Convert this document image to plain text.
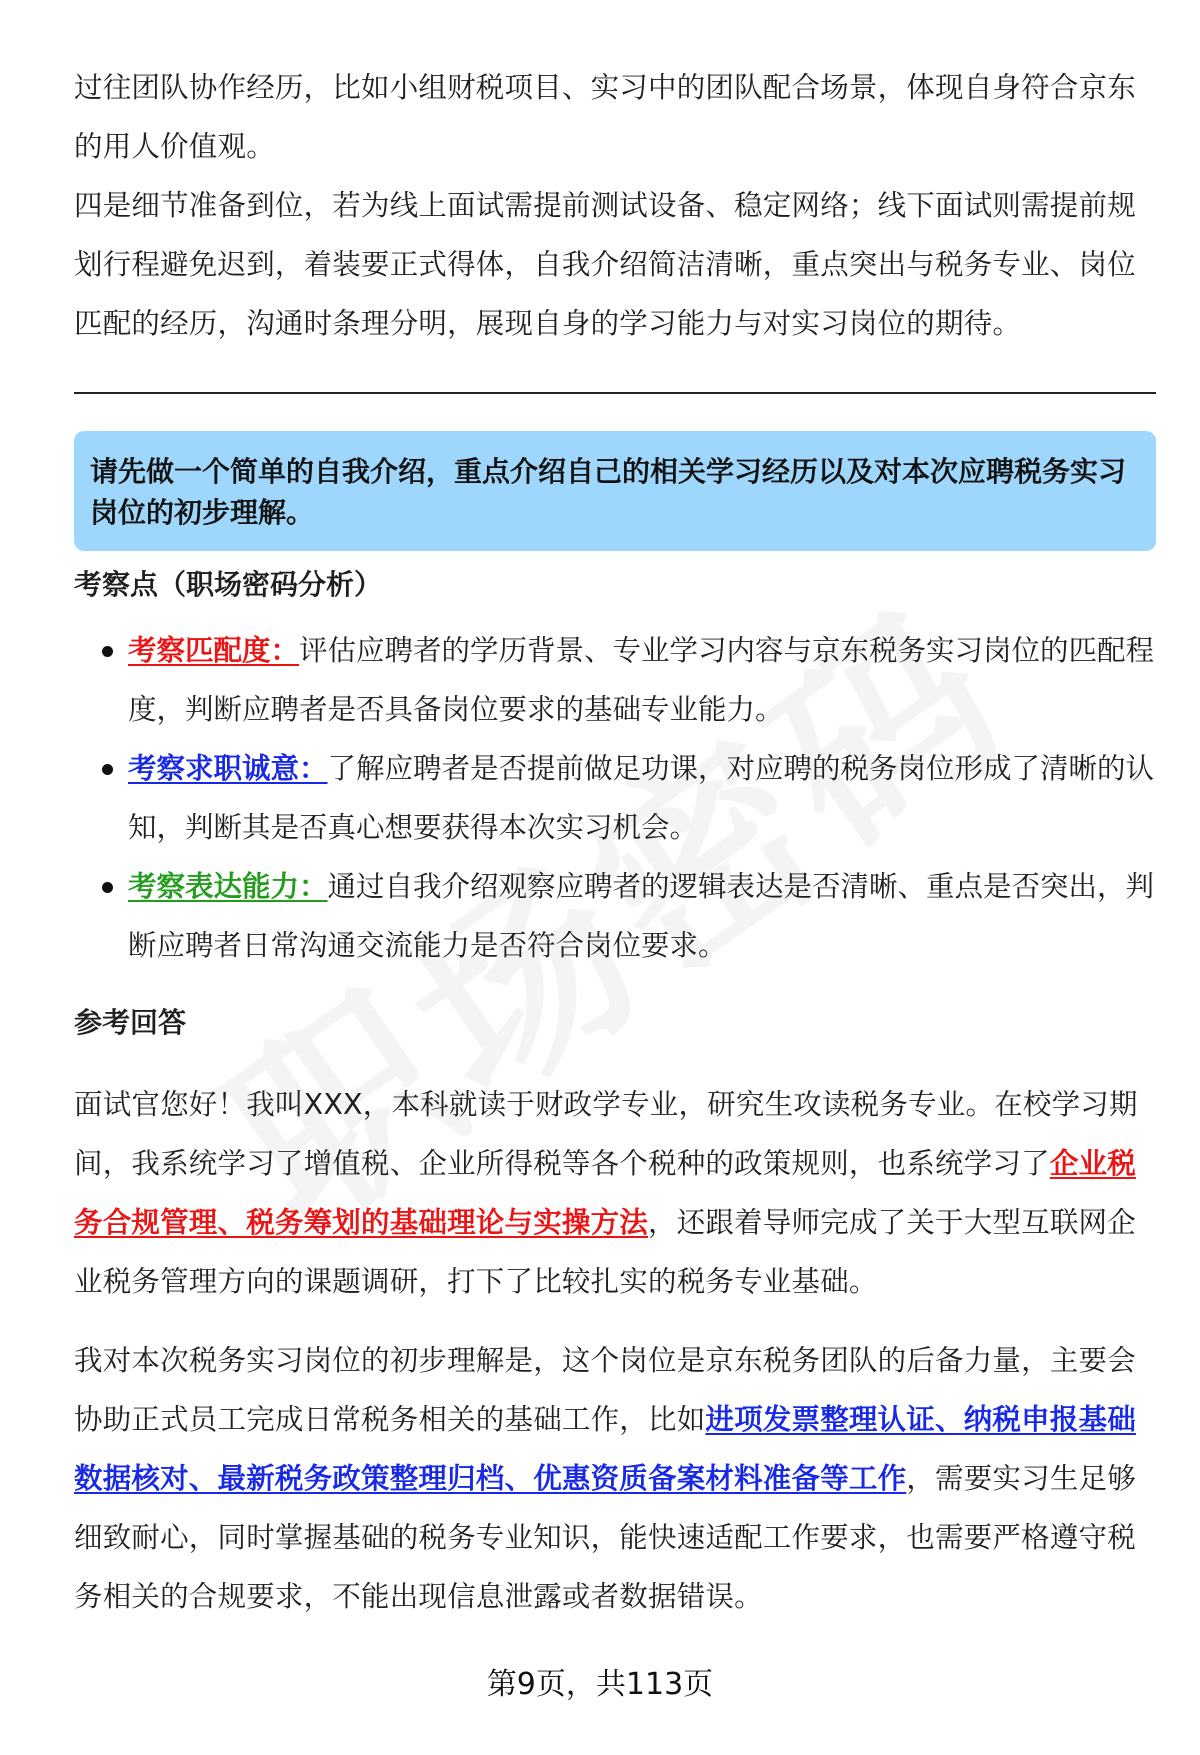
过往团队协作经历，比如小组财税项目、实习中的团队配合场景，体现自身符合京东的用人价值观。

四是细节准备到位，若为线上面试需提前测试设备、稳定网络；线下面试则需提前规划行程避免迟到，着装要正式得体，自我介绍简洁清晰，重点突出与税务专业、岗位匹配的经历，沟通时条理分明，展现自身的学习能力与对实习岗位的期待。

请先做一个简单的自我介绍，重点介绍自己的相关学习经历以及对本次应聘税务实习岗位的初步理解。
考察点（职场密码分析）
考察匹配度：评估应聘者的学历背景、专业学习内容与京东税务实习岗位的匹配程度，判断应聘者是否具备岗位要求的基础专业能力。
考察求职诚意：了解应聘者是否提前做足功课，对应聘的税务岗位形成了清晰的认知，判断其是否真心想要获得本次实习机会。
考察表达能力：通过自我介绍观察应聘者的逻辑表达是否清晰、重点是否突出，判断应聘者日常沟通交流能力是否符合岗位要求。
参考回答

面试官您好！我叫XXX，本科就读于财政学专业，研究生攻读税务专业。在校学习期间，我系统学习了增值税、企业所得税等各个税种的政策规则，也系统学习了企业税务合规管理、税务筹划的基础理论与实操方法，还跟着导师完成了关于大型互联网企业税务管理方向的课题调研，打下了比较扎实的税务专业基础。

我对本次税务实习岗位的初步理解是，这个岗位是京东税务团队的后备力量，主要会协助正式员工完成日常税务相关的基础工作，比如进项发票整理认证、纳税申报基础数据核对、最新税务政策整理归档、优惠资质备案材料准备等工作，需要实习生足够细致耐心，同时掌握基础的税务专业知识，能快速适配工作要求，也需要严格遵守税务相关的合规要求，不能出现信息泄露或者数据错误。

第9页，共113页
